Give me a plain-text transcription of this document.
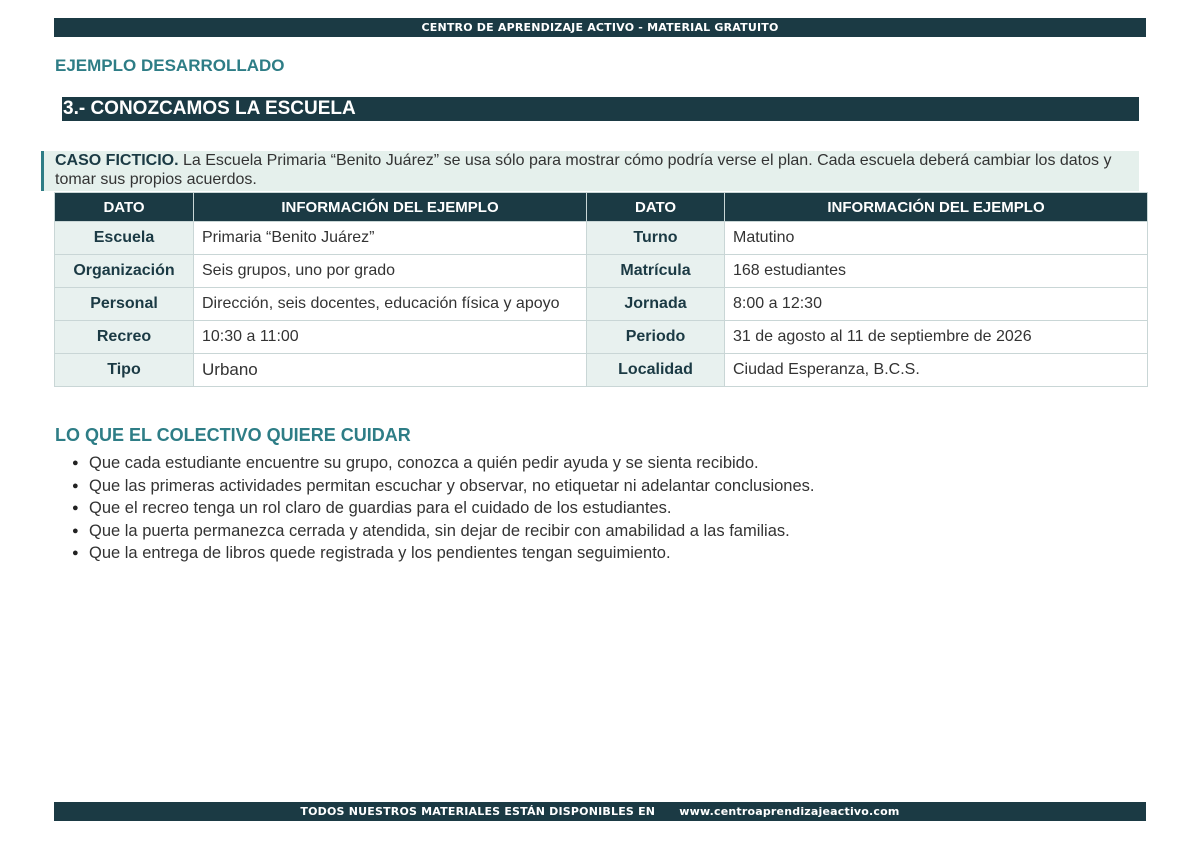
CENTRO DE APRENDIZAJE ACTIVO - MATERIAL GRATUITO
EJEMPLO DESARROLLADO
3.- CONOZCAMOS LA ESCUELA
CASO FICTICIO. La Escuela Primaria “Benito Juárez” se usa sólo para mostrar cómo podría verse el plan. Cada escuela deberá cambiar los datos y tomar sus propios acuerdos.
DATO	INFORMACIÓN DEL EJEMPLO	DATO	INFORMACIÓN DEL EJEMPLO
Escuela	Primaria “Benito Juárez”	Turno	Matutino
Organización	Seis grupos, uno por grado	Matrícula	168 estudiantes
Personal	Dirección, seis docentes, educación física y apoyo	Jornada	8:00 a 12:30
Recreo	10:30 a 11:00	Periodo	31 de agosto al 11 de septiembre de 2026
Tipo	Urbano	Localidad	Ciudad Esperanza, B.C.S.
LO QUE EL COLECTIVO QUIERE CUIDAR
● Que cada estudiante encuentre su grupo, conozca a quién pedir ayuda y se sienta recibido.
● Que las primeras actividades permitan escuchar y observar, no etiquetar ni adelantar conclusiones.
● Que el recreo tenga un rol claro de guardias para el cuidado de los estudiantes.
● Que la puerta permanezca cerrada y atendida, sin dejar de recibir con amabilidad a las familias.
● Que la entrega de libros quede registrada y los pendientes tengan seguimiento.
TODOS NUESTROS MATERIALES ESTÁN DISPONIBLES EN www.centroaprendizajeactivo.com
